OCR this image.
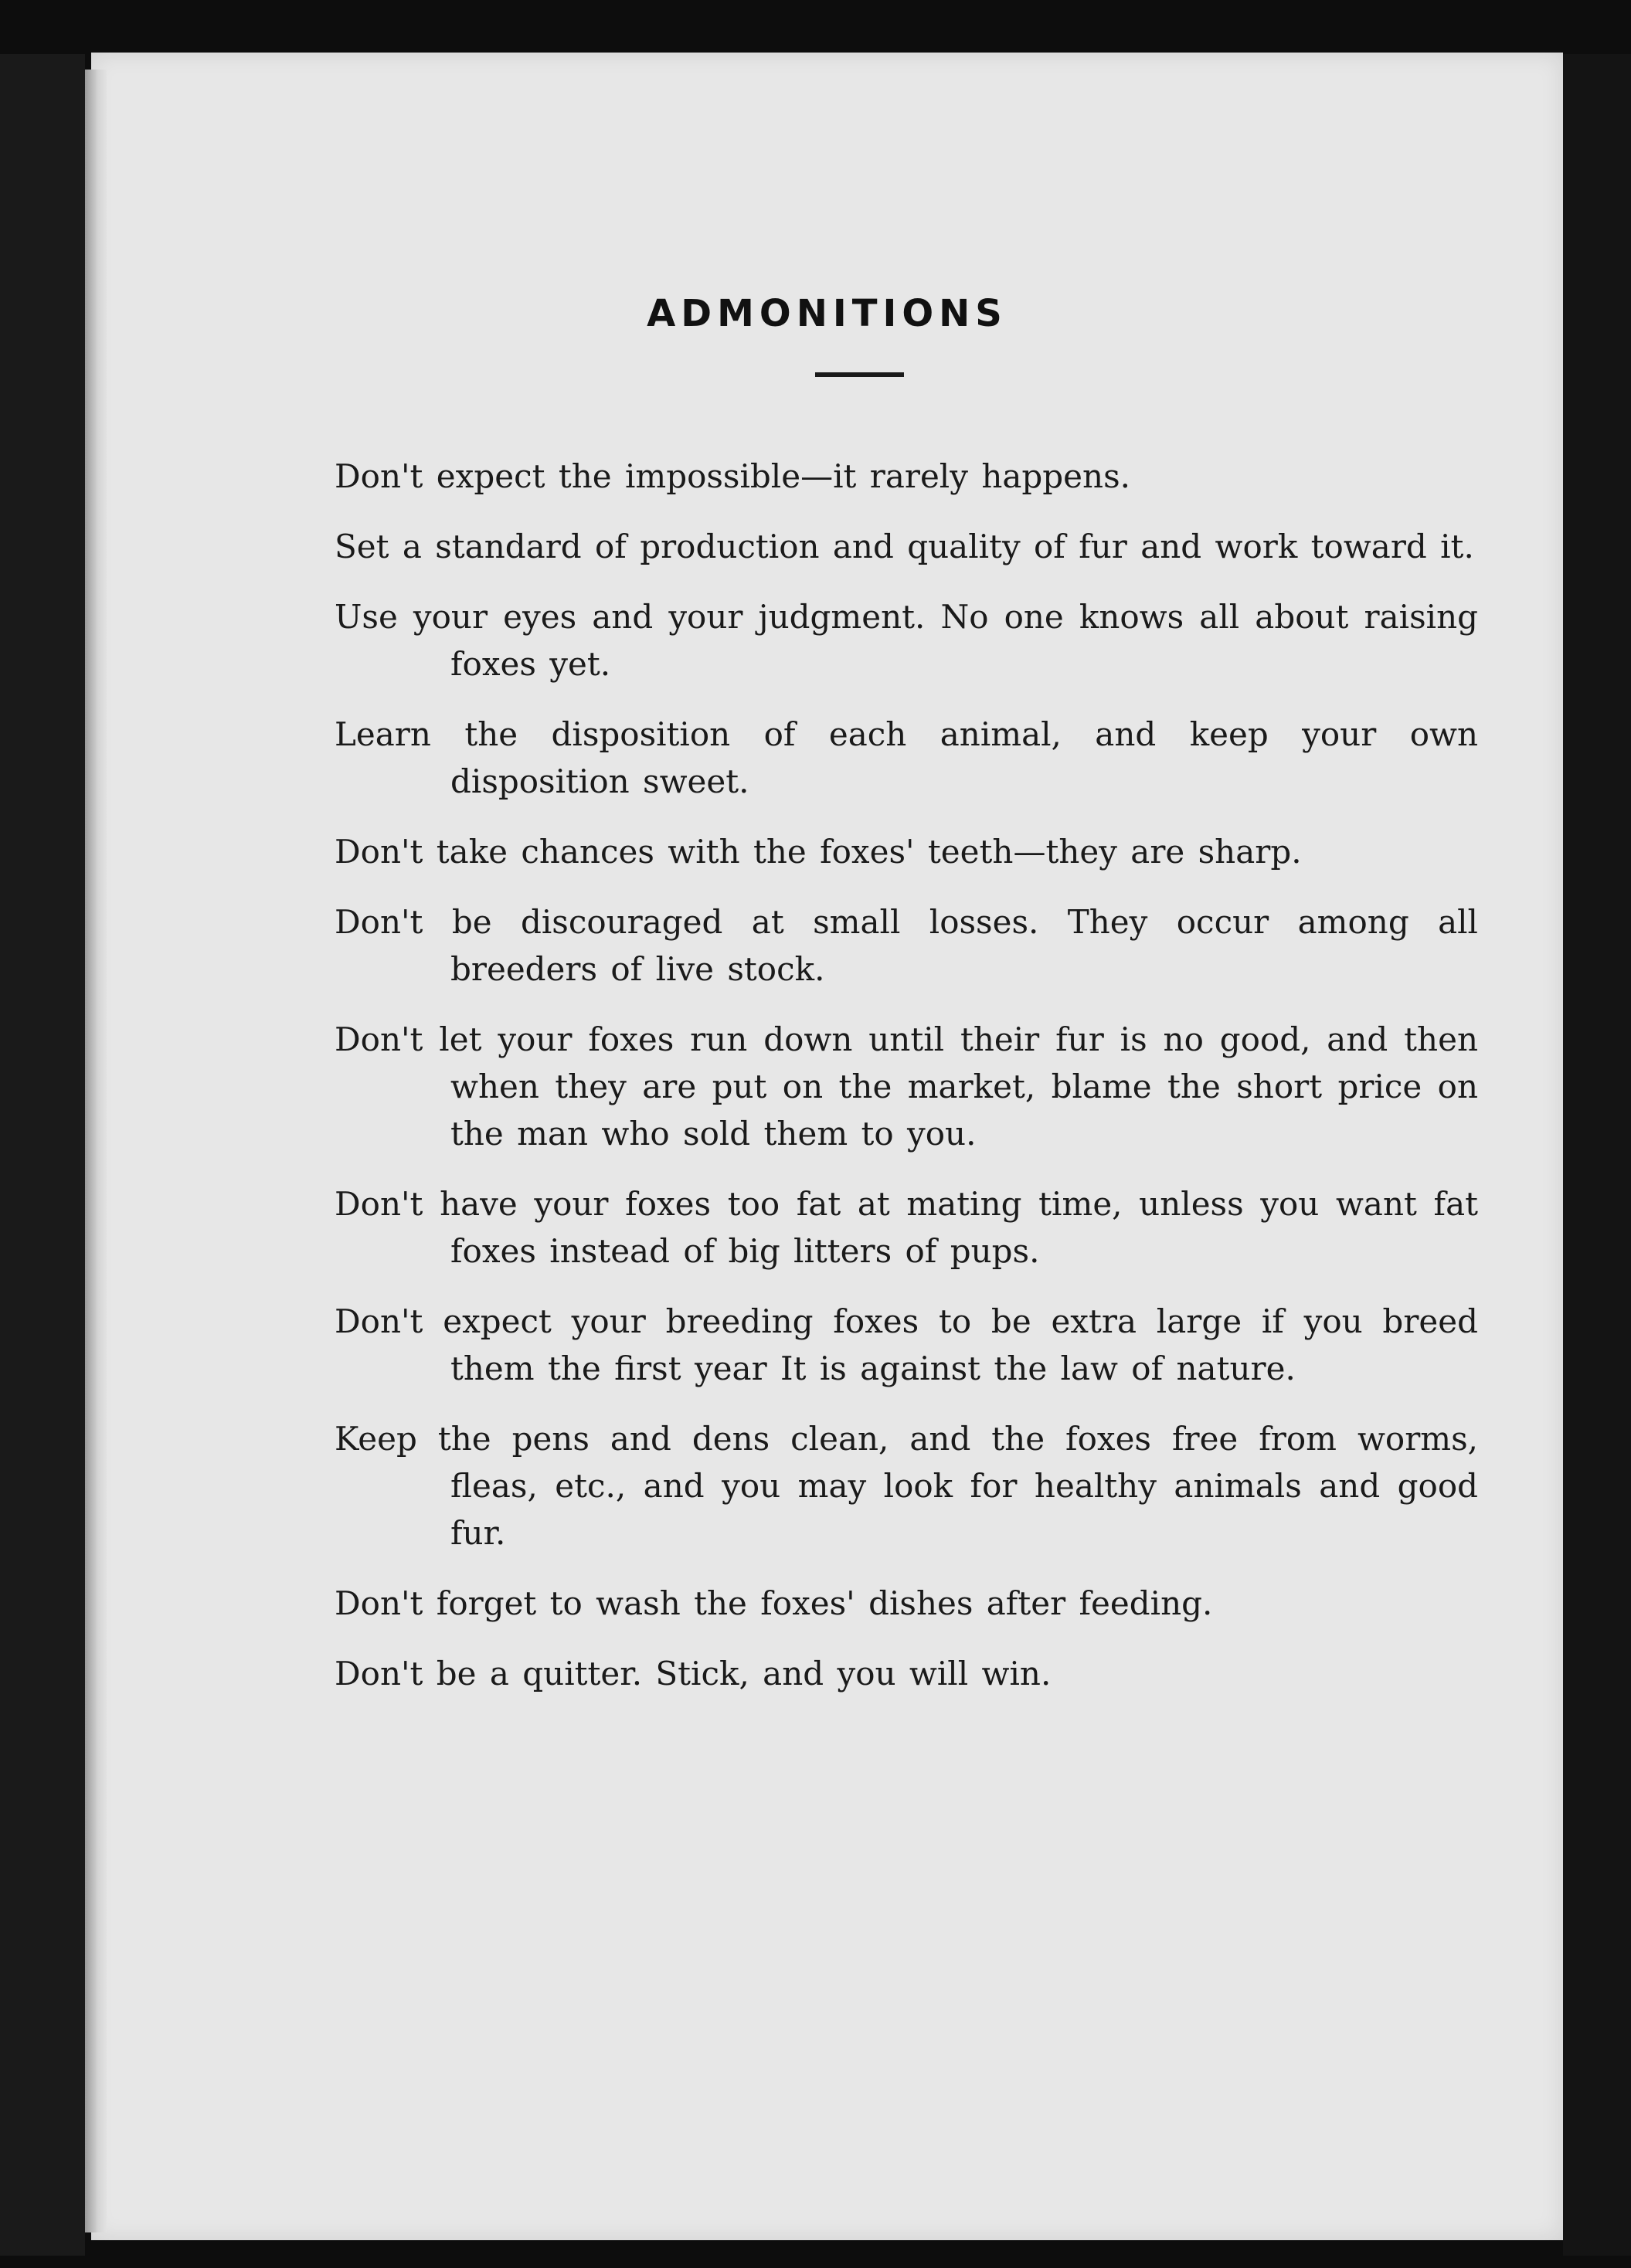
ADMONITIONS

Don't expect the impossible—it rarely happens.

Set a standard of production and quality of fur and work toward it.

Use your eyes and your judgment. No one knows all about raising foxes yet.

Learn the disposition of each animal, and keep your own disposition sweet.

Don't take chances with the foxes' teeth—they are sharp.

Don't be discouraged at small losses. They occur among all breeders of live stock.

Don't let your foxes run down until their fur is no good, and then when they are put on the market, blame the short price on the man who sold them to you.

Don't have your foxes too fat at mating time, unless you want fat foxes instead of big litters of pups.

Don't expect your breeding foxes to be extra large if you breed them the first year It is against the law of nature.

Keep the pens and dens clean, and the foxes free from worms, fleas, etc., and you may look for healthy animals and good fur.

Don't forget to wash the foxes' dishes after feeding.

Don't be a quitter. Stick, and you will win.
